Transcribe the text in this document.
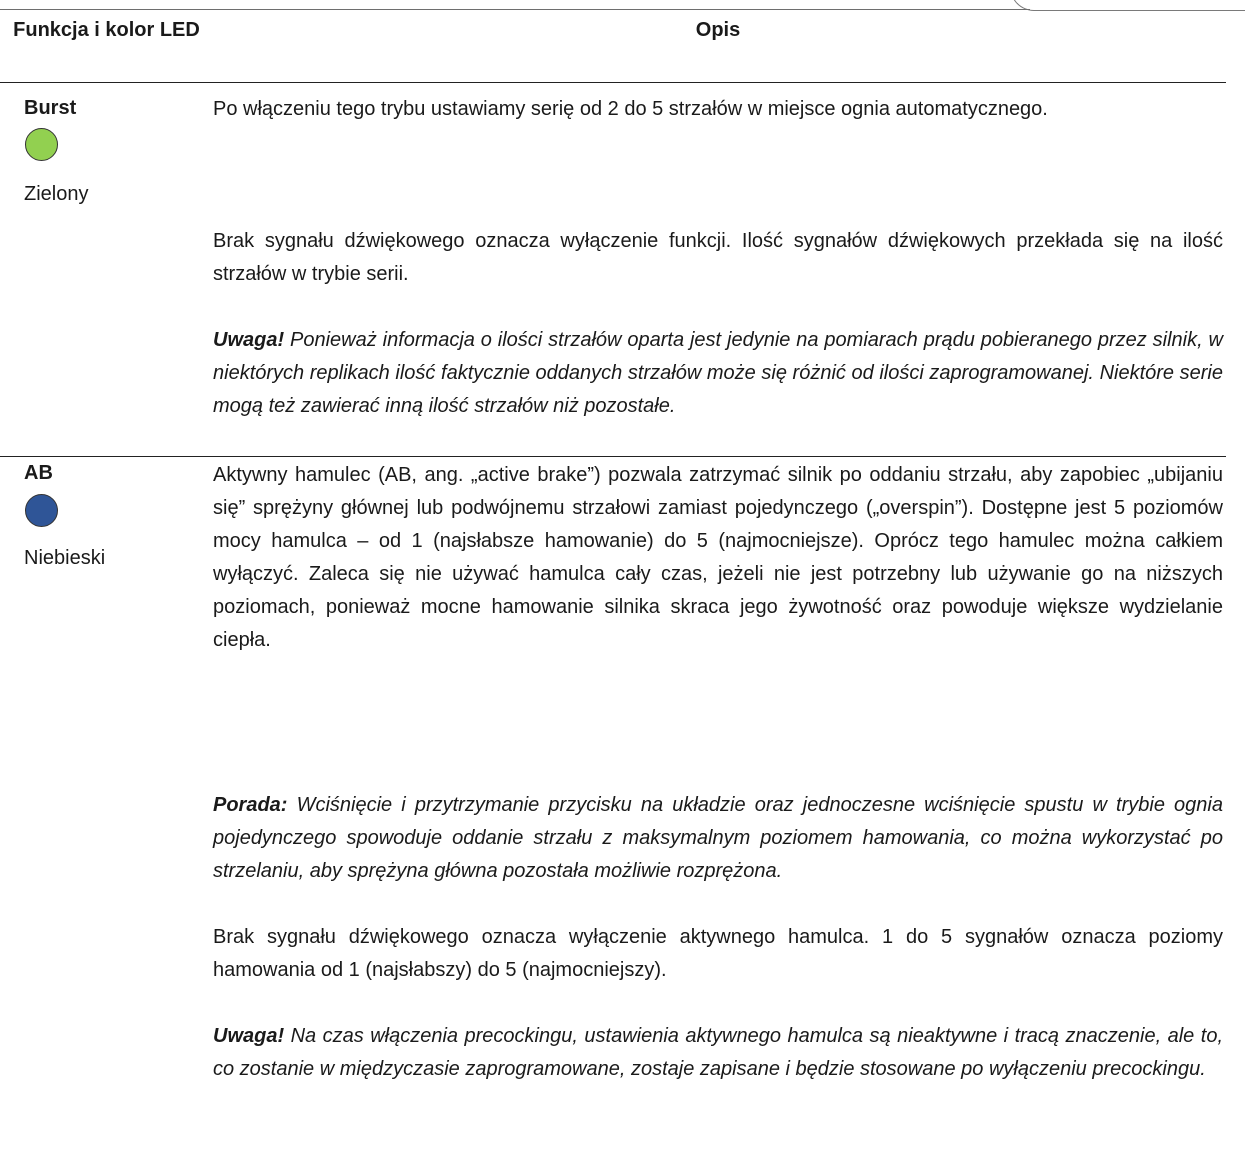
Funkcja i kolor LED	Opis
Burst
Zielony
Po włączeniu tego trybu ustawiamy serię od 2 do 5 strzałów w miejsce ognia automatycznego.
Brak sygnału dźwiękowego oznacza wyłączenie funkcji. Ilość sygnałów dźwiękowych przekłada się na ilość strzałów w trybie serii.
Uwaga! Ponieważ informacja o ilości strzałów oparta jest jedynie na pomiarach prądu pobieranego przez silnik, w niektórych replikach ilość faktycznie oddanych strzałów może się różnić od ilości zaprogramowanej. Niektóre serie mogą też zawierać inną ilość strzałów niż pozostałe.
AB
Niebieski
Aktywny hamulec (AB, ang. „active brake”) pozwala zatrzymać silnik po oddaniu strzału, aby zapobiec „ubijaniu się” sprężyny głównej lub podwójnemu strzałowi zamiast pojedynczego („overspin”). Dostępne jest 5 poziomów mocy hamulca – od 1 (najsłabsze hamowanie) do 5 (najmocniejsze). Oprócz tego hamulec można całkiem wyłączyć. Zaleca się nie używać hamulca cały czas, jeżeli nie jest potrzebny lub używanie go na niższych poziomach, ponieważ mocne hamowanie silnika skraca jego żywotność oraz powoduje większe wydzielanie ciepła.
Porada: Wciśnięcie i przytrzymanie przycisku na układzie oraz jednoczesne wciśnięcie spustu w trybie ognia pojedynczego spowoduje oddanie strzału z maksymalnym poziomem hamowania, co można wykorzystać po strzelaniu, aby sprężyna główna pozostała możliwie rozprężona.
Brak sygnału dźwiękowego oznacza wyłączenie aktywnego hamulca. 1 do 5 sygnałów oznacza poziomy hamowania od 1 (najsłabszy) do 5 (najmocniejszy).
Uwaga! Na czas włączenia precockingu, ustawienia aktywnego hamulca są nieaktywne i tracą znaczenie, ale to, co zostanie w międzyczasie zaprogramowane, zostaje zapisane i będzie stosowane po wyłączeniu precockingu.
